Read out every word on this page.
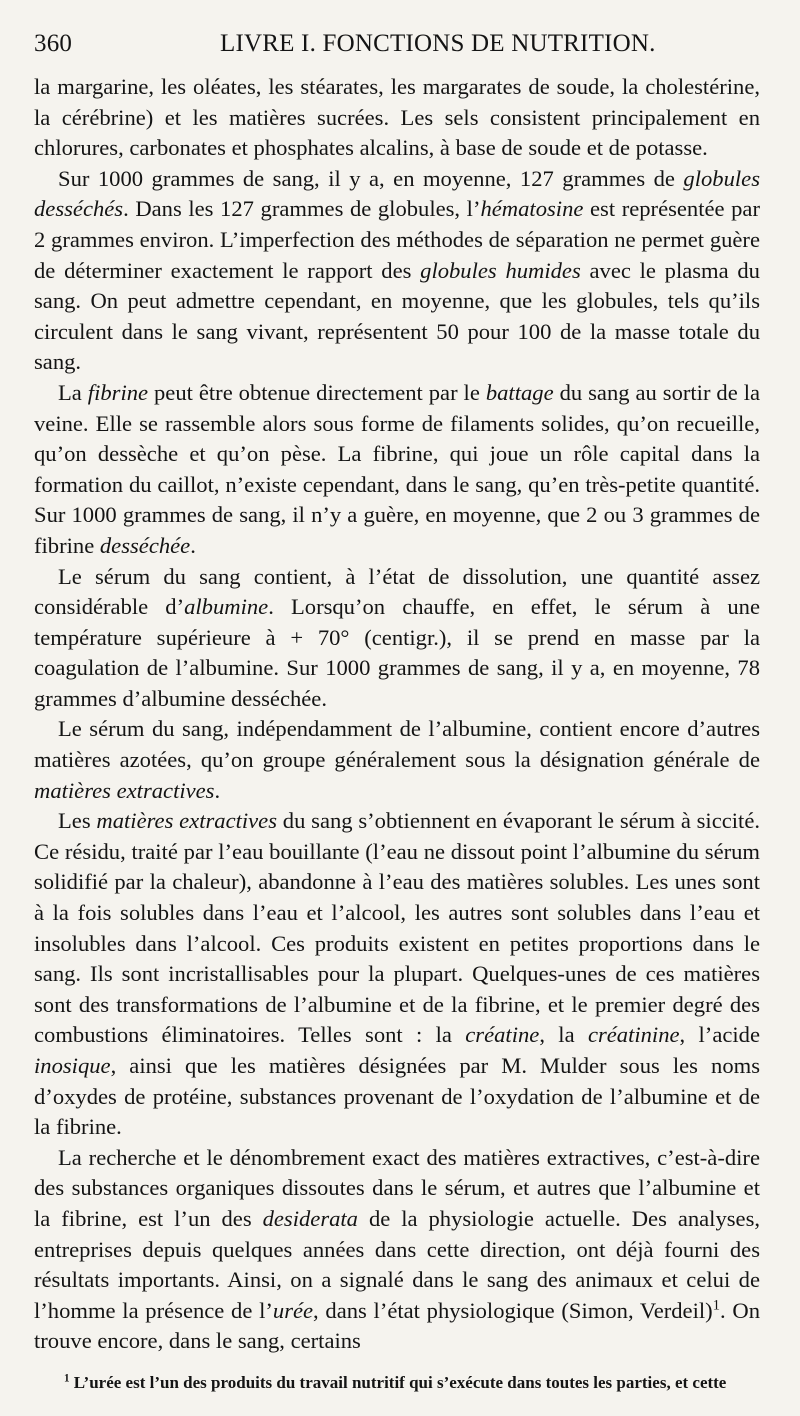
360	LIVRE I. FONCTIONS DE NUTRITION.

la margarine, les oléates, les stéarates, les margarates de soude, la cholestérine, la cérébrine) et les matières sucrées. Les sels consistent principalement en chlorures, carbonates et phosphates alcalins, à base de soude et de potasse.

Sur 1000 grammes de sang, il y a, en moyenne, 127 grammes de globules desséchés. Dans les 127 grammes de globules, l’hématosine est représentée par 2 grammes environ. L’imperfection des méthodes de séparation ne permet guère de déterminer exactement le rapport des globules humides avec le plasma du sang. On peut admettre cependant, en moyenne, que les globules, tels qu’ils circulent dans le sang vivant, représentent 50 pour 100 de la masse totale du sang.

La fibrine peut être obtenue directement par le battage du sang au sortir de la veine. Elle se rassemble alors sous forme de filaments solides, qu’on recueille, qu’on dessèche et qu’on pèse. La fibrine, qui joue un rôle capital dans la formation du caillot, n’existe cependant, dans le sang, qu’en très-petite quantité. Sur 1000 grammes de sang, il n’y a guère, en moyenne, que 2 ou 3 grammes de fibrine desséchée.

Le sérum du sang contient, à l’état de dissolution, une quantité assez considérable d’albumine. Lorsqu’on chauffe, en effet, le sérum à une température supérieure à + 70° (centigr.), il se prend en masse par la coagulation de l’albumine. Sur 1000 grammes de sang, il y a, en moyenne, 78 grammes d’albumine desséchée.

Le sérum du sang, indépendamment de l’albumine, contient encore d’autres matières azotées, qu’on groupe généralement sous la désignation générale de matières extractives.

Les matières extractives du sang s’obtiennent en évaporant le sérum à siccité. Ce résidu, traité par l’eau bouillante (l’eau ne dissout point l’albumine du sérum solidifié par la chaleur), abandonne à l’eau des matières solubles. Les unes sont à la fois solubles dans l’eau et l’alcool, les autres sont solubles dans l’eau et insolubles dans l’alcool. Ces produits existent en petites proportions dans le sang. Ils sont incristallisables pour la plupart. Quelques-unes de ces matières sont des transformations de l’albumine et de la fibrine, et le premier degré des combustions éliminatoires. Telles sont : la créatine, la créatinine, l’acide inosique, ainsi que les matières désignées par M. Mulder sous les noms d’oxydes de protéine, substances provenant de l’oxydation de l’albumine et de la fibrine.

La recherche et le dénombrement exact des matières extractives, c’est-à-dire des substances organiques dissoutes dans le sérum, et autres que l’albumine et la fibrine, est l’un des desiderata de la physiologie actuelle. Des analyses, entreprises depuis quelques années dans cette direction, ont déjà fourni des résultats importants. Ainsi, on a signalé dans le sang des animaux et celui de l’homme la présence de l’urée, dans l’état physiologique (Simon, Verdeil)$^1$. On trouve encore, dans le sang, certains

$^1$ L’urée est l’un des produits du travail nutritif qui s’exécute dans toutes les parties, et cette
